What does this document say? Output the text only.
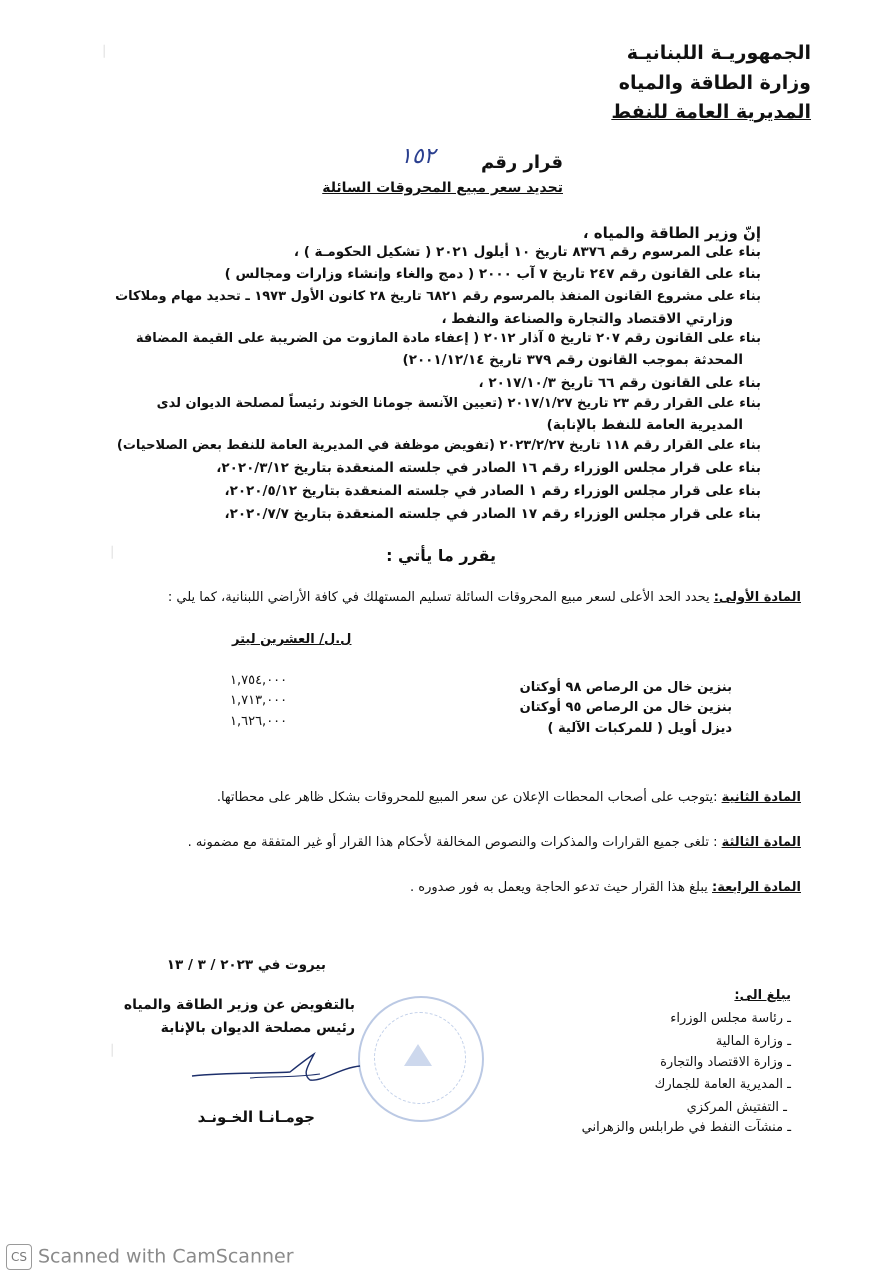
ᛁ
ᛁ
ᛁ
الجمهوريـة اللبنانيـة
وزارة الطاقة والمياه
المديرية العامة للنفط
قرار رقم
١٥٢
تحديد سعر مبيع المحروقات السائلة
إنّ وزير الطاقة والمياه ،
بناء على المرسوم رقم ٨٣٧٦ تاريخ ١٠ أيلول ٢٠٢١ ( تشكيل الحكومـة ) ،
بناء على القانون رقم ٢٤٧ تاريخ ٧ آب ٢٠٠٠ ( دمج والغاء وإنشاء وزارات ومجالس )
بناء على مشروع القانون المنفذ بالمرسوم رقم ٦٨٢١ تاريخ ٢٨ كانون الأول ١٩٧٣ ـ تحديد مهام وملاكات
وزارتي الاقتصاد والتجارة والصناعة والنفط ،
بناء على القانون رقم ٢٠٧ تاريخ ٥ آذار ٢٠١٢ ( إعفاء مادة المازوت من الضريبة على القيمة المضافة
المحدثة بموجب القانون رقم ٣٧٩ تاريخ ٢٠٠١/١٢/١٤)
بناء على القانون رقم ٦٦ تاريخ ٢٠١٧/١٠/٣ ،
بناء على القرار رقم ٢٣ تاريخ ٢٠١٧/١/٢٧ (تعيين الآنسة جومانا الخوند رئيساً لمصلحة الديوان لدى
المديرية العامة للنفط بالإنابة)
بناء على القرار رقم ١١٨ تاريخ ٢٠٢٣/٢/٢٧ (تفويض موظفة في المديرية العامة للنفط بعض الصلاحيات)
بناء على قرار مجلس الوزراء رقم ١٦ الصادر في جلسته المنعقدة بتاريخ ٢٠٢٠/٣/١٢،
بناء على قرار مجلس الوزراء رقم ١ الصادر في جلسته المنعقدة بتاريخ ٢٠٢٠/٥/١٢،
بناء على قرار مجلس الوزراء رقم ١٧ الصادر في جلسته المنعقدة بتاريخ ٢٠٢٠/٧/٧،
يقرر ما يأتي :
المادة الأولى: يحدد الحد الأعلى لسعر مبيع المحروقات السائلة تسليم المستهلك في كافة الأراضي اللبنانية، كما يلي :
ل.ل/ العشرين ليتر
١,٧٥٤,٠٠٠
١,٧١٣,٠٠٠
١,٦٢٦,٠٠٠
بنزين خال من الرصاص ٩٨ أوكتان
بنزين خال من الرصاص ٩٥ أوكتان
ديزل أويل ( للمركبات الآلية )
المادة الثانية :يتوجب على أصحاب المحطات الإعلان عن سعر المبيع للمحروقات بشكل ظاهر على محطاتها.
المادة الثالثة : تلغى جميع القرارات والمذكرات والنصوص المخالفة لأحكام هذا القرار أو غير المتفقة مع مضمونه .
المادة الرابعة: يبلغ هذا القرار حيث تدعو الحاجة ويعمل به فور صدوره .
بيروت في ٢٠٢٣ / ٣ / ١٣
بالتفويض عن وزير الطاقة والمياه
رئيس مصلحة الديوان بالإنابة
جومـانـا الخـونـد
يبلغ الى:
ـ رئاسة مجلس الوزراء
ـ وزارة المالية
ـ وزارة الاقتصاد والتجارة
ـ المديرية العامة للجمارك
ـ التفتيش المركزي
ـ منشآت النفط في طرابلس والزهراني
CS Scanned with CamScanner
